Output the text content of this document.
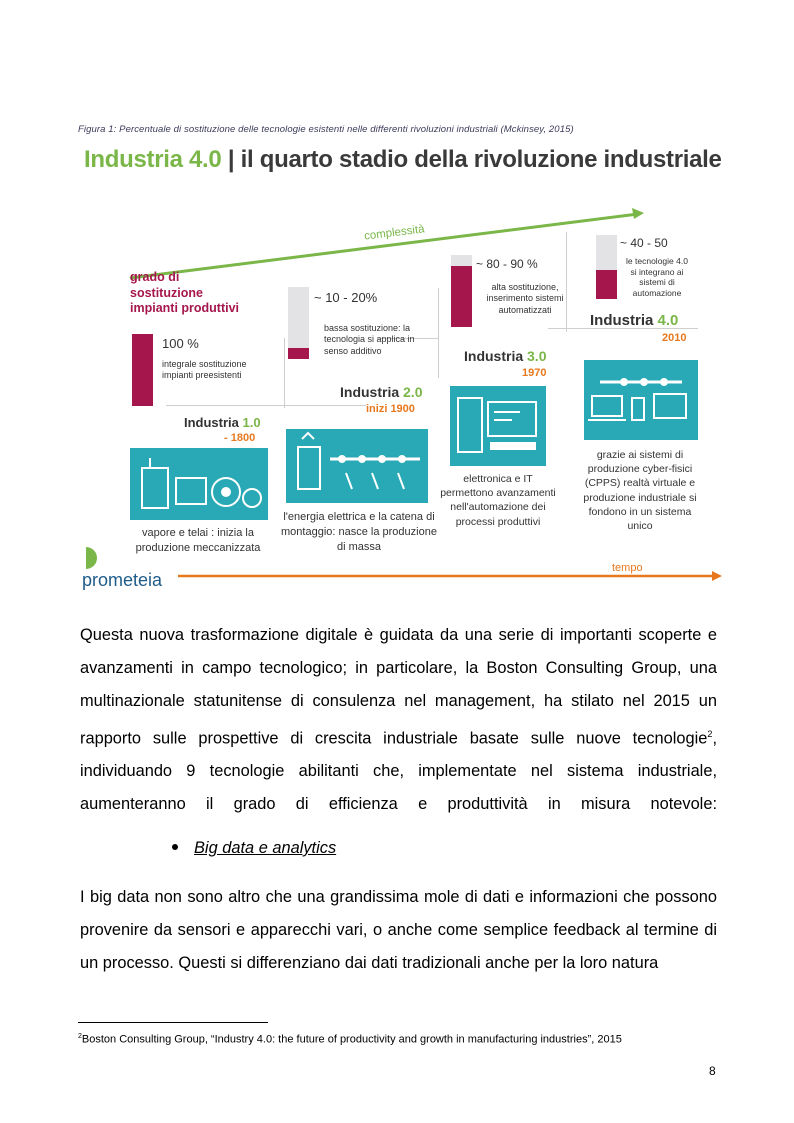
Figura 1: Percentuale di sostituzione delle tecnologie esistenti nelle differenti rivoluzioni industriali (Mckinsey, 2015)
Industria 4.0 | il quarto stadio della rivoluzione industriale
complessità
tempo
grado di sostituzione impianti produttivi
100 %
integrale sostituzione impianti preesistenti
Industria 1.0
- 1800
vapore e telai : inizia la produzione meccanizzata
~ 10 - 20%
bassa sostituzione: la tecnologia si applica in senso additivo
Industria 2.0
inizi 1900
l'energia elettrica e la catena di montaggio: nasce la produzione di massa
~ 80 - 90 %
alta sostituzione, inserimento sistemi automatizzati
Industria 3.0
1970
elettronica e IT permettono avanzamenti nell'automazione dei processi produttivi
~ 40 - 50
le tecnologie 4.0 si integrano ai sistemi di automazione
Industria 4.0
2010
grazie ai sistemi di produzione cyber-fisici (CPPS) realtà virtuale e produzione industriale si fondono in un sistema unico
prometeia

Questa nuova trasformazione digitale è guidata da una serie di importanti scoperte e avanzamenti in campo tecnologico; in particolare, la Boston Consulting Group, una multinazionale statunitense di consulenza nel management, ha stilato nel 2015 un rapporto sulle prospettive di crescita industriale basate sulle nuove tecnologie$^2$, individuando 9 tecnologie abilitanti che, implementate nel sistema industriale, aumenteranno il grado di efficienza e produttività in misura notevole:

Big data e analytics

I big data non sono altro che una grandissima mole di dati e informazioni che possono provenire da sensori e apparecchi vari, o anche come semplice feedback al termine di un processo. Questi si differenziano dai dati tradizionali anche per la loro natura

$^2$Boston Consulting Group, “Industry 4.0: the future of productivity and growth in manufacturing industries”, 2015
8
